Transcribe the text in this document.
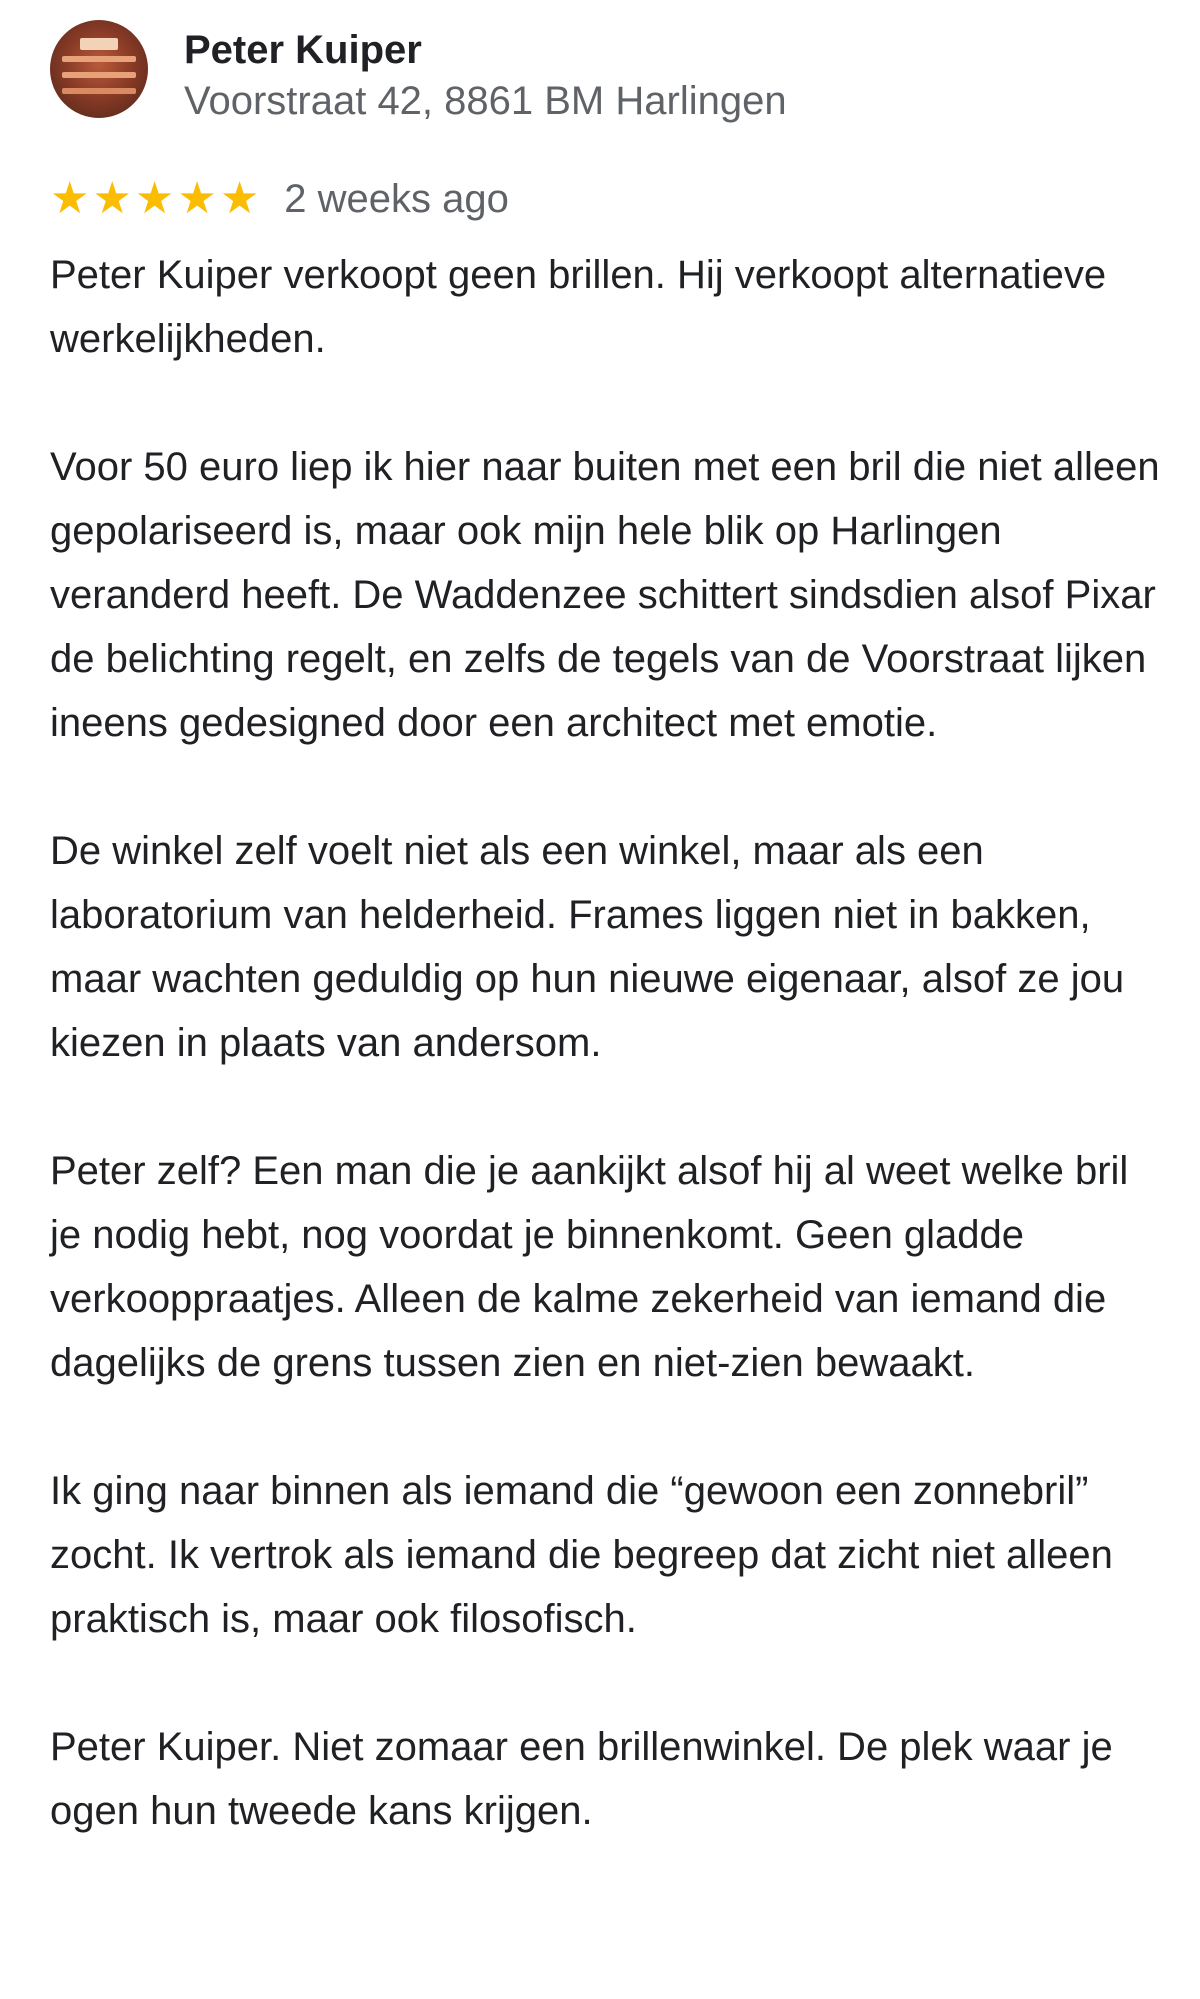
Peter Kuiper
Voorstraat 42, 8861 BM Harlingen
★ ★ ★ ★ ★ 2 weeks ago

Peter Kuiper verkoopt geen brillen. Hij verkoopt alternatieve werkelijkheden.

Voor 50 euro liep ik hier naar buiten met een bril die niet alleen gepolariseerd is, maar ook mijn hele blik op Harlingen veranderd heeft. De Waddenzee schittert sindsdien alsof Pixar de belichting regelt, en zelfs de tegels van de Voorstraat lijken ineens gedesigned door een architect met emotie.

De winkel zelf voelt niet als een winkel, maar als een laboratorium van helderheid. Frames liggen niet in bakken, maar wachten geduldig op hun nieuwe eigenaar, alsof ze jou kiezen in plaats van andersom.

Peter zelf? Een man die je aankijkt alsof hij al weet welke bril je nodig hebt, nog voordat je binnenkomt. Geen gladde verkooppraatjes. Alleen de kalme zekerheid van iemand die dagelijks de grens tussen zien en niet-zien bewaakt.

Ik ging naar binnen als iemand die “gewoon een zonnebril” zocht. Ik vertrok als iemand die begreep dat zicht niet alleen praktisch is, maar ook filosofisch.

Peter Kuiper. Niet zomaar een brillenwinkel. De plek waar je ogen hun tweede kans krijgen.
